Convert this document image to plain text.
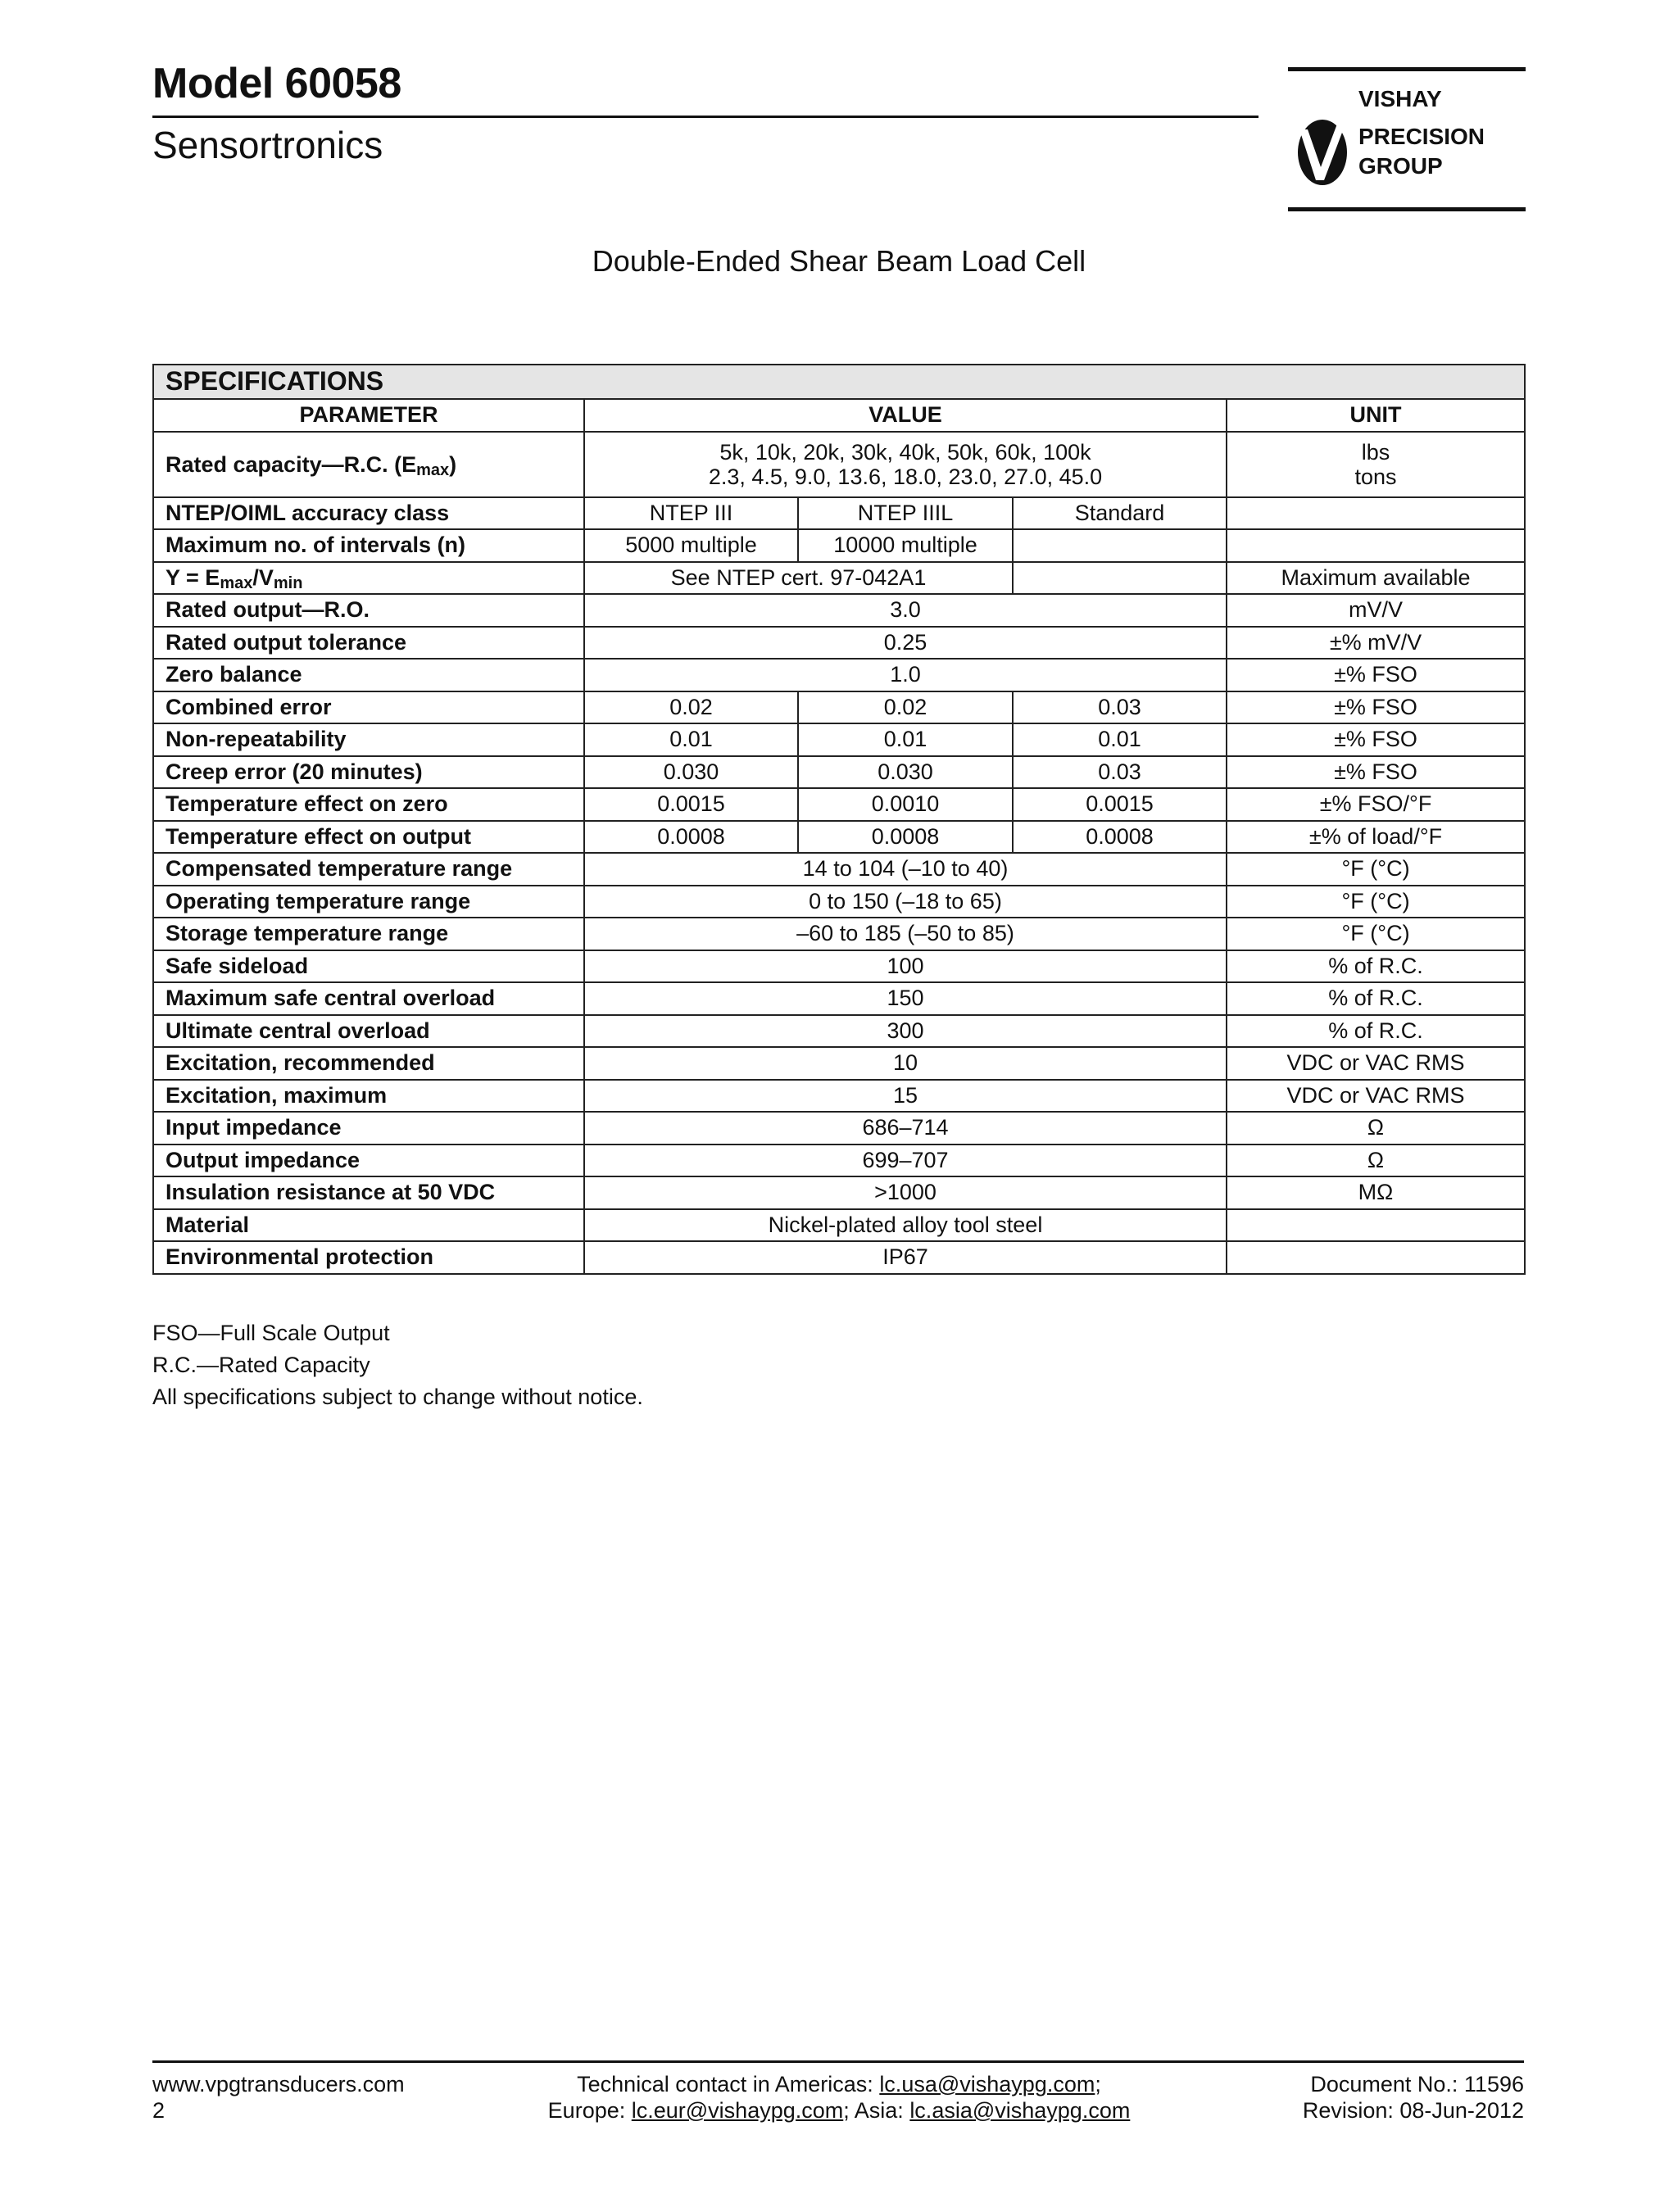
Model 60058
Sensortronics
VISHAY
PRECISION
GROUP
Double-Ended Shear Beam Load Cell
SPECIFICATIONS				
PARAMETER	VALUE			UNIT

Rated capacity—R.C. $(E_{max})$	5k, 10k, 20k, 30k, 40k, 50k, 60k, 100k
2.3, 4.5, 9.0, 13.6, 18.0, 23.0, 27.0, 45.0			lbs
tons

NTEP/OIML accuracy class	NTEP III	NTEP IIIL	Standard	
Maximum no. of intervals (n)	5000 multiple	10000 multiple		
$Y = E_{max}/V_{min}$	See NTEP cert. 97-042A1			Maximum available
Rated output—R.O.	3.0			mV/V
Rated output tolerance	0.25			±% mV/V
Zero balance	1.0			±% FSO
Combined error	0.02	0.02	0.03	±% FSO
Non-repeatability	0.01	0.01	0.01	±% FSO
Creep error (20 minutes)	0.030	0.030	0.03	±% FSO
Temperature effect on zero	0.0015	0.0010	0.0015	±% FSO/°F
Temperature effect on output	0.0008	0.0008	0.0008	±% of load/°F
Compensated temperature range	14 to 104 (–10 to 40)			°F (°C)
Operating temperature range	0 to 150 (–18 to 65)			°F (°C)
Storage temperature range	–60 to 185 (–50 to 85)			°F (°C)
Safe sideload	100			% of R.C.
Maximum safe central overload	150			% of R.C.
Ultimate central overload	300			% of R.C.
Excitation, recommended	10			VDC or VAC RMS
Excitation, maximum	15			VDC or VAC RMS
Input impedance	686–714			Ω
Output impedance	699–707			Ω
Insulation resistance at 50 VDC	>1000			MΩ
Material	Nickel-plated alloy tool steel			
Environmental protection	IP67			
FSO—Full Scale Output
R.C.—Rated Capacity
All specifications subject to change without notice.
www.vpgtransducers.com
2
Technical contact in Americas: lc.usa@vishaypg.com;
Europe: lc.eur@vishaypg.com; Asia: lc.asia@vishaypg.com
Document No.: 11596
Revision: 08-Jun-2012
